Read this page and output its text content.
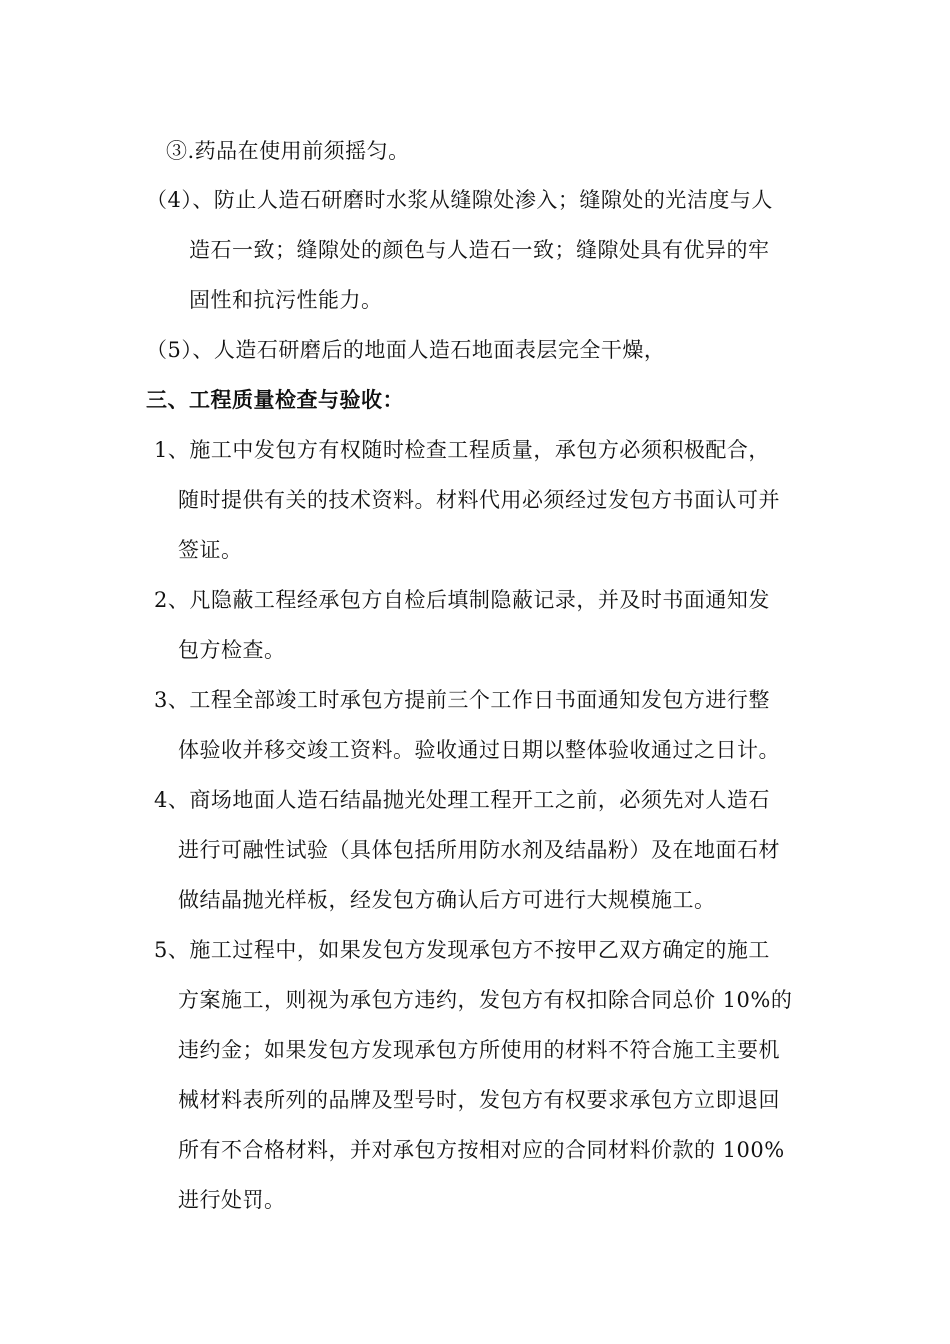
③.药品在使用前须摇匀。
（4）、防止人造石研磨时水浆从缝隙处渗入；缝隙处的光洁度与人
造石一致；缝隙处的颜色与人造石一致；缝隙处具有优异的牢
固性和抗污性能力。
（5）、人造石研磨后的地面人造石地面表层完全干燥，
三、工程质量检查与验收：
1、施工中发包方有权随时检查工程质量，承包方必须积极配合，
随时提供有关的技术资料。材料代用必须经过发包方书面认可并
签证。
2、凡隐蔽工程经承包方自检后填制隐蔽记录，并及时书面通知发
包方检查。
3、工程全部竣工时承包方提前三个工作日书面通知发包方进行整
体验收并移交竣工资料。验收通过日期以整体验收通过之日计。
4、商场地面人造石结晶抛光处理工程开工之前，必须先对人造石
进行可融性试验（具体包括所用防水剂及结晶粉）及在地面石材
做结晶抛光样板，经发包方确认后方可进行大规模施工。
5、施工过程中，如果发包方发现承包方不按甲乙双方确定的施工
方案施工，则视为承包方违约，发包方有权扣除合同总价 10%的
违约金；如果发包方发现承包方所使用的材料不符合施工主要机
械材料表所列的品牌及型号时，发包方有权要求承包方立即退回
所有不合格材料，并对承包方按相对应的合同材料价款的 100%
进行处罚。
